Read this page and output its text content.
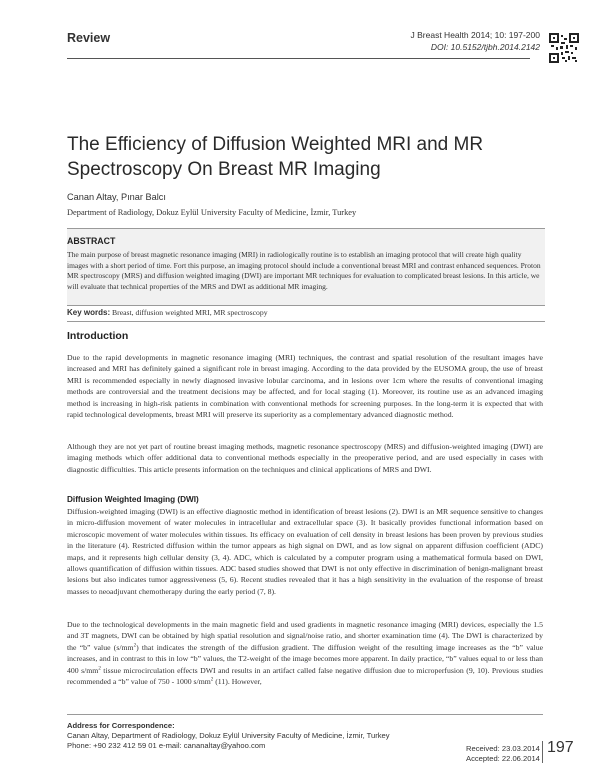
Review	J Breast Health 2014; 10: 197-200
DOI: 10.5152/tjbh.2014.2142
The Efficiency of Diffusion Weighted MRI and MR Spectroscopy On Breast MR Imaging
Canan Altay, Pınar Balcı
Department of Radiology, Dokuz Eylül University Faculty of Medicine, İzmir, Turkey
ABSTRACT

The main purpose of breast magnetic resonance imaging (MRI) in radiologically routine is to establish an imaging protocol that will create high quality images with a short period of time. Fort this purpose, an imaging protocol should include a conventional breast MRI and contrast enhanced sequences. Proton MR spectroscopy (MRS) and diffusion weighted imaging (DWI) are important MR techniques for evaluation to complicated breast lesions. In this article, we will evaluate that technical properties of the MRS and DWI as additional MR imaging.

Key words: Breast, diffusion weighted MRI, MR spectroscopy
Introduction

Due to the rapid developments in magnetic resonance imaging (MRI) techniques, the contrast and spatial resolution of the resultant images have increased and MRI has definitely gained a significant role in breast imaging. According to the data provided by the EUSOMA group, the use of breast MRI is recommended especially in newly diagnosed invasive lobular carcinoma, and in lesions over 1cm where the results of conventional imaging methods are controversial and the treatment decisions may be affected, and for local staging (1). Moreover, its routine use as an advanced imaging method is increasing in high-risk patients in combination with conventional methods for screening purposes. In the long-term it is expected that with rapid technological developments, breast MRI will preserve its superiority as a complementary advanced diagnostic method.

Although they are not yet part of routine breast imaging methods, magnetic resonance spectroscopy (MRS) and diffusion-weighted imaging (DWI) are imaging methods which offer additional data to conventional methods especially in the preoperative period, and are used especially in cases with diagnostic difficulties. This article presents information on the techniques and clinical applications of MRS and DWI.

Diffusion Weighted Imaging (DWI)

Diffusion-weighted imaging (DWI) is an effective diagnostic method in identification of breast lesions (2). DWI is an MR sequence sensitive to changes in micro-diffusion movement of water molecules in intracellular and extracellular space (3). It basically provides functional information based on microscopic movement of water molecules within tissues. Its efficacy on evaluation of cell density in breast lesions has been proven by previous studies in the literature (4). Restricted diffusion within the tumor appears as high signal on DWI, and as low signal on apparent diffusion coefficient (ADC) maps, and it represents high cellular density (3, 4). ADC, which is calculated by a computer program using a mathematical formula based on DWI, allows quantification of diffusion within tissues. ADC based studies showed that DWI is not only effective in discrimination of benign-malignant breast lesions but also indicates tumor aggressiveness (5, 6). Recent studies revealed that it has a high sensitivity in the evaluation of the response of breast masses to neoadjuvant chemotherapy during the early period (7, 8).

Due to the technological developments in the main magnetic field and used gradients in magnetic resonance imaging (MRI) devices, especially the 1.5 and 3T magnets, DWI can be obtained by high spatial resolution and signal/noise ratio, and shorter examination time (4). The DWI is characterized by the “b” value $(s/mm^2)$ that indicates the strength of the diffusion gradient. The diffusion weight of the resulting image increases as the “b” value increases, and in contrast to this in low “b” values, the T2-weight of the image becomes more apparent. In daily practice, “b” values equal to or less than 400 $s/mm^2$ tissue microcirculation effects DWI and results in an artifact called false negative diffusion due to microperfusion (9, 10). Previous studies recommended a “b” value of 750 - 1000 $s/mm^2$ (11). However,

Address for Correspondence:
Canan Altay, Department of Radiology, Dokuz Eylül University Faculty of Medicine, İzmir, Turkey
Phone: +90 232 412 59 01 e-mail: cananaltay@yahoo.com	Received: 23.03.2014
Accepted: 22.06.2014
197
